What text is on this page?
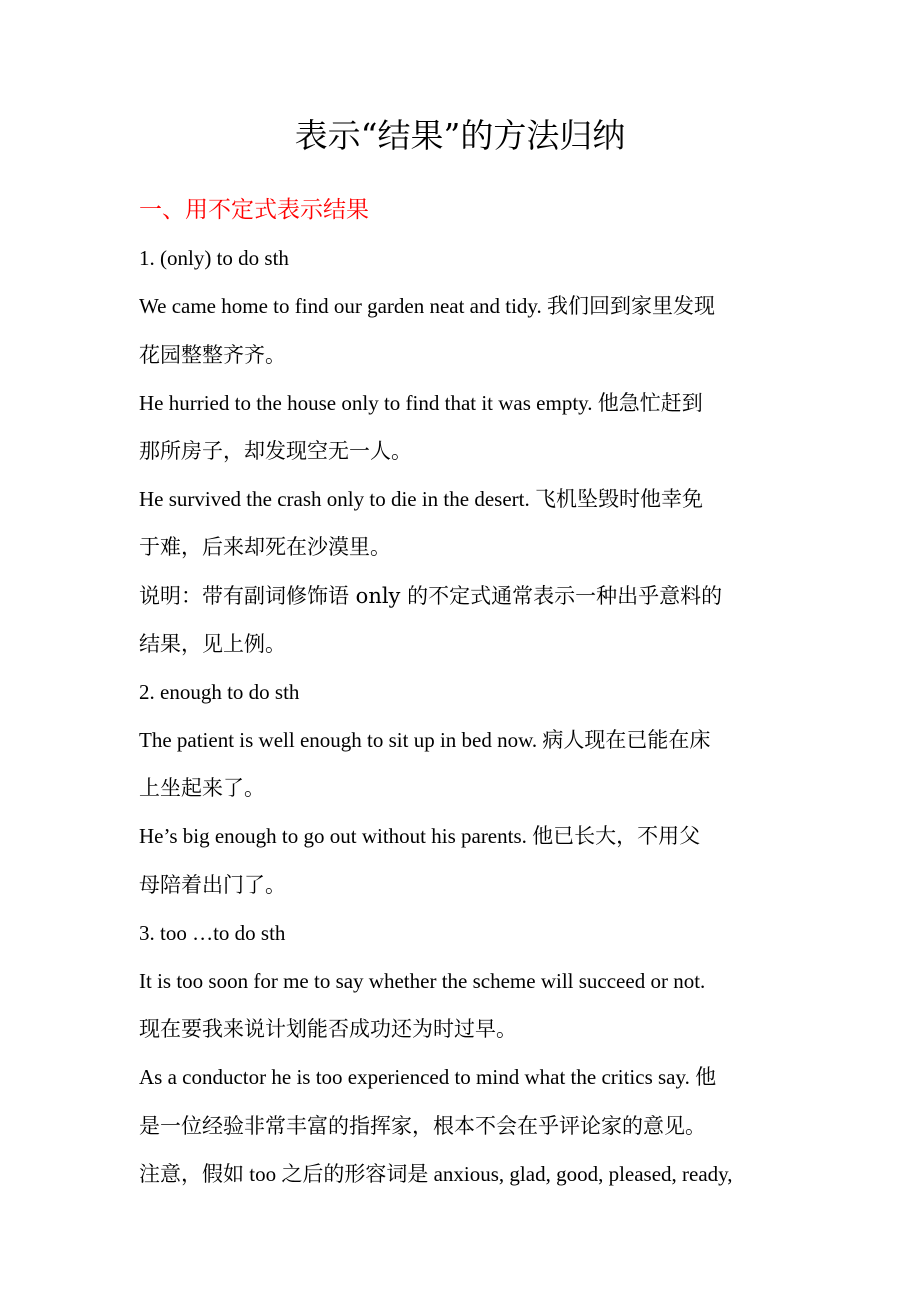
表示“结果”的方法归纳
一、用不定式表示结果
1. (only) to do sth
We came home to find our garden neat and tidy. 我们回到家里发现
花园整整齐齐。
He hurried to the house only to find that it was empty. 他急忙赶到
那所房子，却发现空无一人。
He survived the crash only to die in the desert. 飞机坠毁时他幸免
于难，后来却死在沙漠里。
说明：带有副词修饰语 only 的不定式通常表示一种出乎意料的
结果，见上例。
2. enough to do sth
The patient is well enough to sit up in bed now. 病人现在已能在床
上坐起来了。
He’s big enough to go out without his parents. 他已长大，不用父
母陪着出门了。
3. too …to do sth
It is too soon for me to say whether the scheme will succeed or not.
现在要我来说计划能否成功还为时过早。
As a conductor he is too experienced to mind what the critics say. 他
是一位经验非常丰富的指挥家，根本不会在乎评论家的意见。
注意，假如 too 之后的形容词是 anxious, glad, good, pleased, ready,
